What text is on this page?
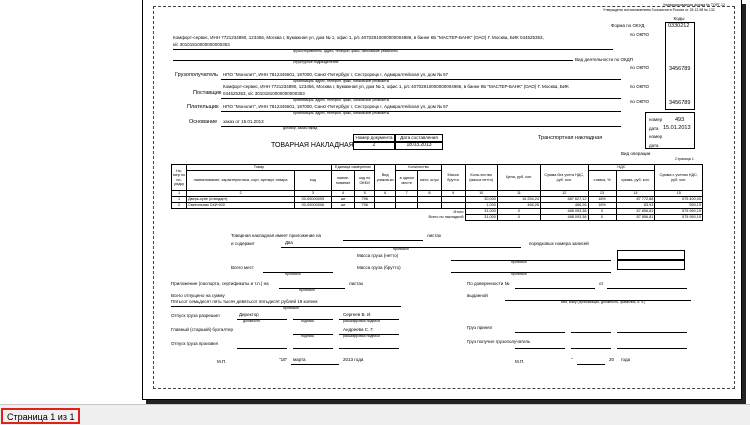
Унифицированная форма № ТОРГ-12
Утверждена постановлением Госкомстата России от 25.12.98 № 132
Коды
Форма по ОКУД	0330212
по ОКПО
Вид деятельности по ОКДП
по ОКПО	3456789
по ОКПО
по ОКПО	3456789
номер 493
дата 15.01.2013
номер
дата
Вид операции
Транспортная накладная
Комфорт-сервис, ИНН 7721234890, 123456, Москва г, Бумажная ул, дом № 1, офис 1, р/с 40702810000000004986, в банке КБ "МАСТЕР-БАНК" (ОАО) Г. Москва, БИК 044525353,
к/с 30101810000000000353
грузоотправитель, адрес, телефон, факс, банковские реквизиты
структурное подразделение
Грузополучатель НПО "Монолит", ИНН 7812345601, 197000, Санкт-Петербург г, Сестрорецк г, Адмиралтейская ул, дом № 67
организация, адрес, телефон, факс, банковские реквизиты
Комфорт-сервис, ИНН 7721234890, 123456, Москва г, Бумажная ул, дом № 1, офис 1, р/с 40702810000000004986, в банке КБ "МАСТЕР-БАНК" (ОАО) Г. Москва, БИК
Поставщик 044525353, к/с 30101810000000000353
организация, адрес, телефон, факс, банковские реквизиты
Плательщик НПО "Монолит", ИНН 7812345601, 197000, Санкт-Петербург г, Сестрорецк г, Адмиралтейская ул, дом № 67
организация, адрес, телефон, факс, банковские реквизиты
Основание заказ от 15.01.2013
договор, заказ-наряд
Номер документа	Дата составления
ТОВАРНАЯ НАКЛАДНАЯ	2	18.03.2013
Страница 1
Но-мер по по-рядку	Товар		Единица измерения		Вид упаков-ки	Количество		Масса брутто	Коли-чество (масса нетто)	Цена, руб. коп.	Сумма без учета НДС, руб. коп.	НДС		Сумма с учетом НДС, руб. коп.
	наименование, характеристика, сорт, артикул товара	код	наиме-нование	код по ОКЕИ		в одном месте	мест, штук					ставка, %	сумма, руб. коп.	
1	2	3	4	5	6	7	8	9	10	11	12	13	14	15
1	Дверь-купе (стандарт)	00-00000009	шт	796					30,000	16 254,24	487 627,12	18%	87 772,88	575 400,00
2	Светильник СКИ 600	00-00000006	шт	796					1,000	466,26	466,26	18%	83,93	550,19
Итого									31,000	X	488 093,38	X	87 856,81	575 950,19
Всего по накладной									31,000	X	488 093,38	X	87 856,81	575 950,19
Товарная накладная имеет приложение на	листах
и содержит	Два	порядковых номера записей
прописью
Масса груза (нетто)
прописью
Всего мест
прописью
Масса груза (брутто)
прописью
Приложение (паспорта, сертификаты и т.п.) на	листах
прописью
По доверенности №	от
Всего отпущено на сумму
Пятьсот семьдесят пять тысяч девятьсот пятьдесят рублей 19 копеек
прописью
выданной
кем, кому (организация, должность, фамилия, и. о.)
Отпуск груза разрешил	Директор	Сергеев В. И.
должность	подпись	расшифровка подписи
Главный (старший) бухгалтер	Андреева С. Г.
подпись	расшифровка подписи
Груз принял
Отпуск груза произвел	Груз получил грузополучатель
М.П.	"18" марта	2013 года	М.П.	"	20 года
Страница 1 из 1
